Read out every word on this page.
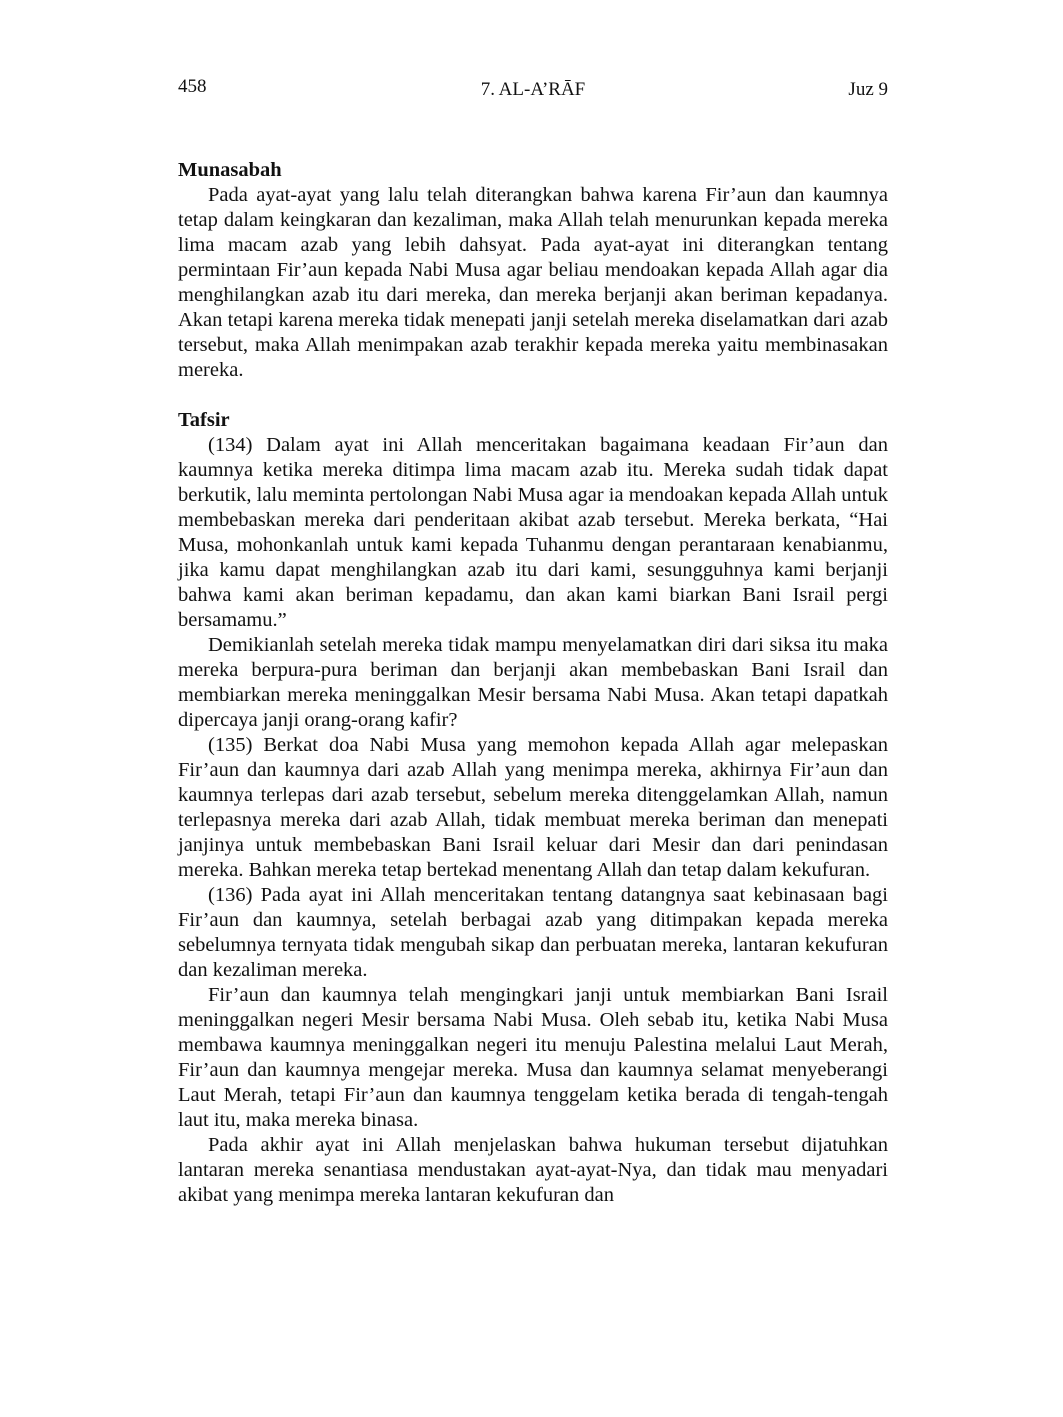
458	7. AL-A’RĀF	Juz 9
Munasabah

Pada ayat-ayat yang lalu telah diterangkan bahwa karena Fir’aun dan kaumnya tetap dalam keingkaran dan kezaliman, maka Allah telah menurunkan kepada mereka lima macam azab yang lebih dahsyat. Pada ayat-ayat ini diterangkan tentang permintaan Fir’aun kepada Nabi Musa agar beliau mendoakan kepada Allah agar dia menghilangkan azab itu dari mereka, dan mereka berjanji akan beriman kepadanya. Akan tetapi karena mereka tidak menepati janji setelah mereka diselamatkan dari azab tersebut, maka Allah menimpakan azab terakhir kepada mereka yaitu membinasakan mereka.

Tafsir

(134) Dalam ayat ini Allah menceritakan bagaimana keadaan Fir’aun dan kaumnya ketika mereka ditimpa lima macam azab itu. Mereka sudah tidak dapat berkutik, lalu meminta pertolongan Nabi Musa agar ia mendoakan kepada Allah untuk membebaskan mereka dari penderitaan akibat azab tersebut. Mereka berkata, “Hai Musa, mohonkanlah untuk kami kepada Tuhanmu dengan perantaraan kenabianmu, jika kamu dapat menghilangkan azab itu dari kami, sesungguhnya kami berjanji bahwa kami akan beriman kepadamu, dan akan kami biarkan Bani Israil pergi bersamamu.”

Demikianlah setelah mereka tidak mampu menyelamatkan diri dari siksa itu maka mereka berpura-pura beriman dan berjanji akan membebaskan Bani Israil dan membiarkan mereka meninggalkan Mesir bersama Nabi Musa. Akan tetapi dapatkah dipercaya janji orang-orang kafir?

(135) Berkat doa Nabi Musa yang memohon kepada Allah agar melepaskan Fir’aun dan kaumnya dari azab Allah yang menimpa mereka, akhirnya Fir’aun dan kaumnya terlepas dari azab tersebut, sebelum mereka ditenggelamkan Allah, namun terlepasnya mereka dari azab Allah, tidak membuat mereka beriman dan menepati janjinya untuk membebaskan Bani Israil keluar dari Mesir dan dari penindasan mereka. Bahkan mereka tetap bertekad menentang Allah dan tetap dalam kekufuran.

(136) Pada ayat ini Allah menceritakan tentang datangnya saat kebinasaan bagi Fir’aun dan kaumnya, setelah berbagai azab yang ditimpakan kepada mereka sebelumnya ternyata tidak mengubah sikap dan perbuatan mereka, lantaran kekufuran dan kezaliman mereka.

Fir’aun dan kaumnya telah mengingkari janji untuk membiarkan Bani Israil meninggalkan negeri Mesir bersama Nabi Musa. Oleh sebab itu, ketika Nabi Musa membawa kaumnya meninggalkan negeri itu menuju Palestina melalui Laut Merah, Fir’aun dan kaumnya mengejar mereka. Musa dan kaumnya selamat menyeberangi Laut Merah, tetapi Fir’aun dan kaumnya tenggelam ketika berada di tengah-tengah laut itu, maka mereka binasa.

Pada akhir ayat ini Allah menjelaskan bahwa hukuman tersebut dijatuhkan lantaran mereka senantiasa mendustakan ayat-ayat-Nya, dan tidak mau menyadari akibat yang menimpa mereka lantaran kekufuran dan
